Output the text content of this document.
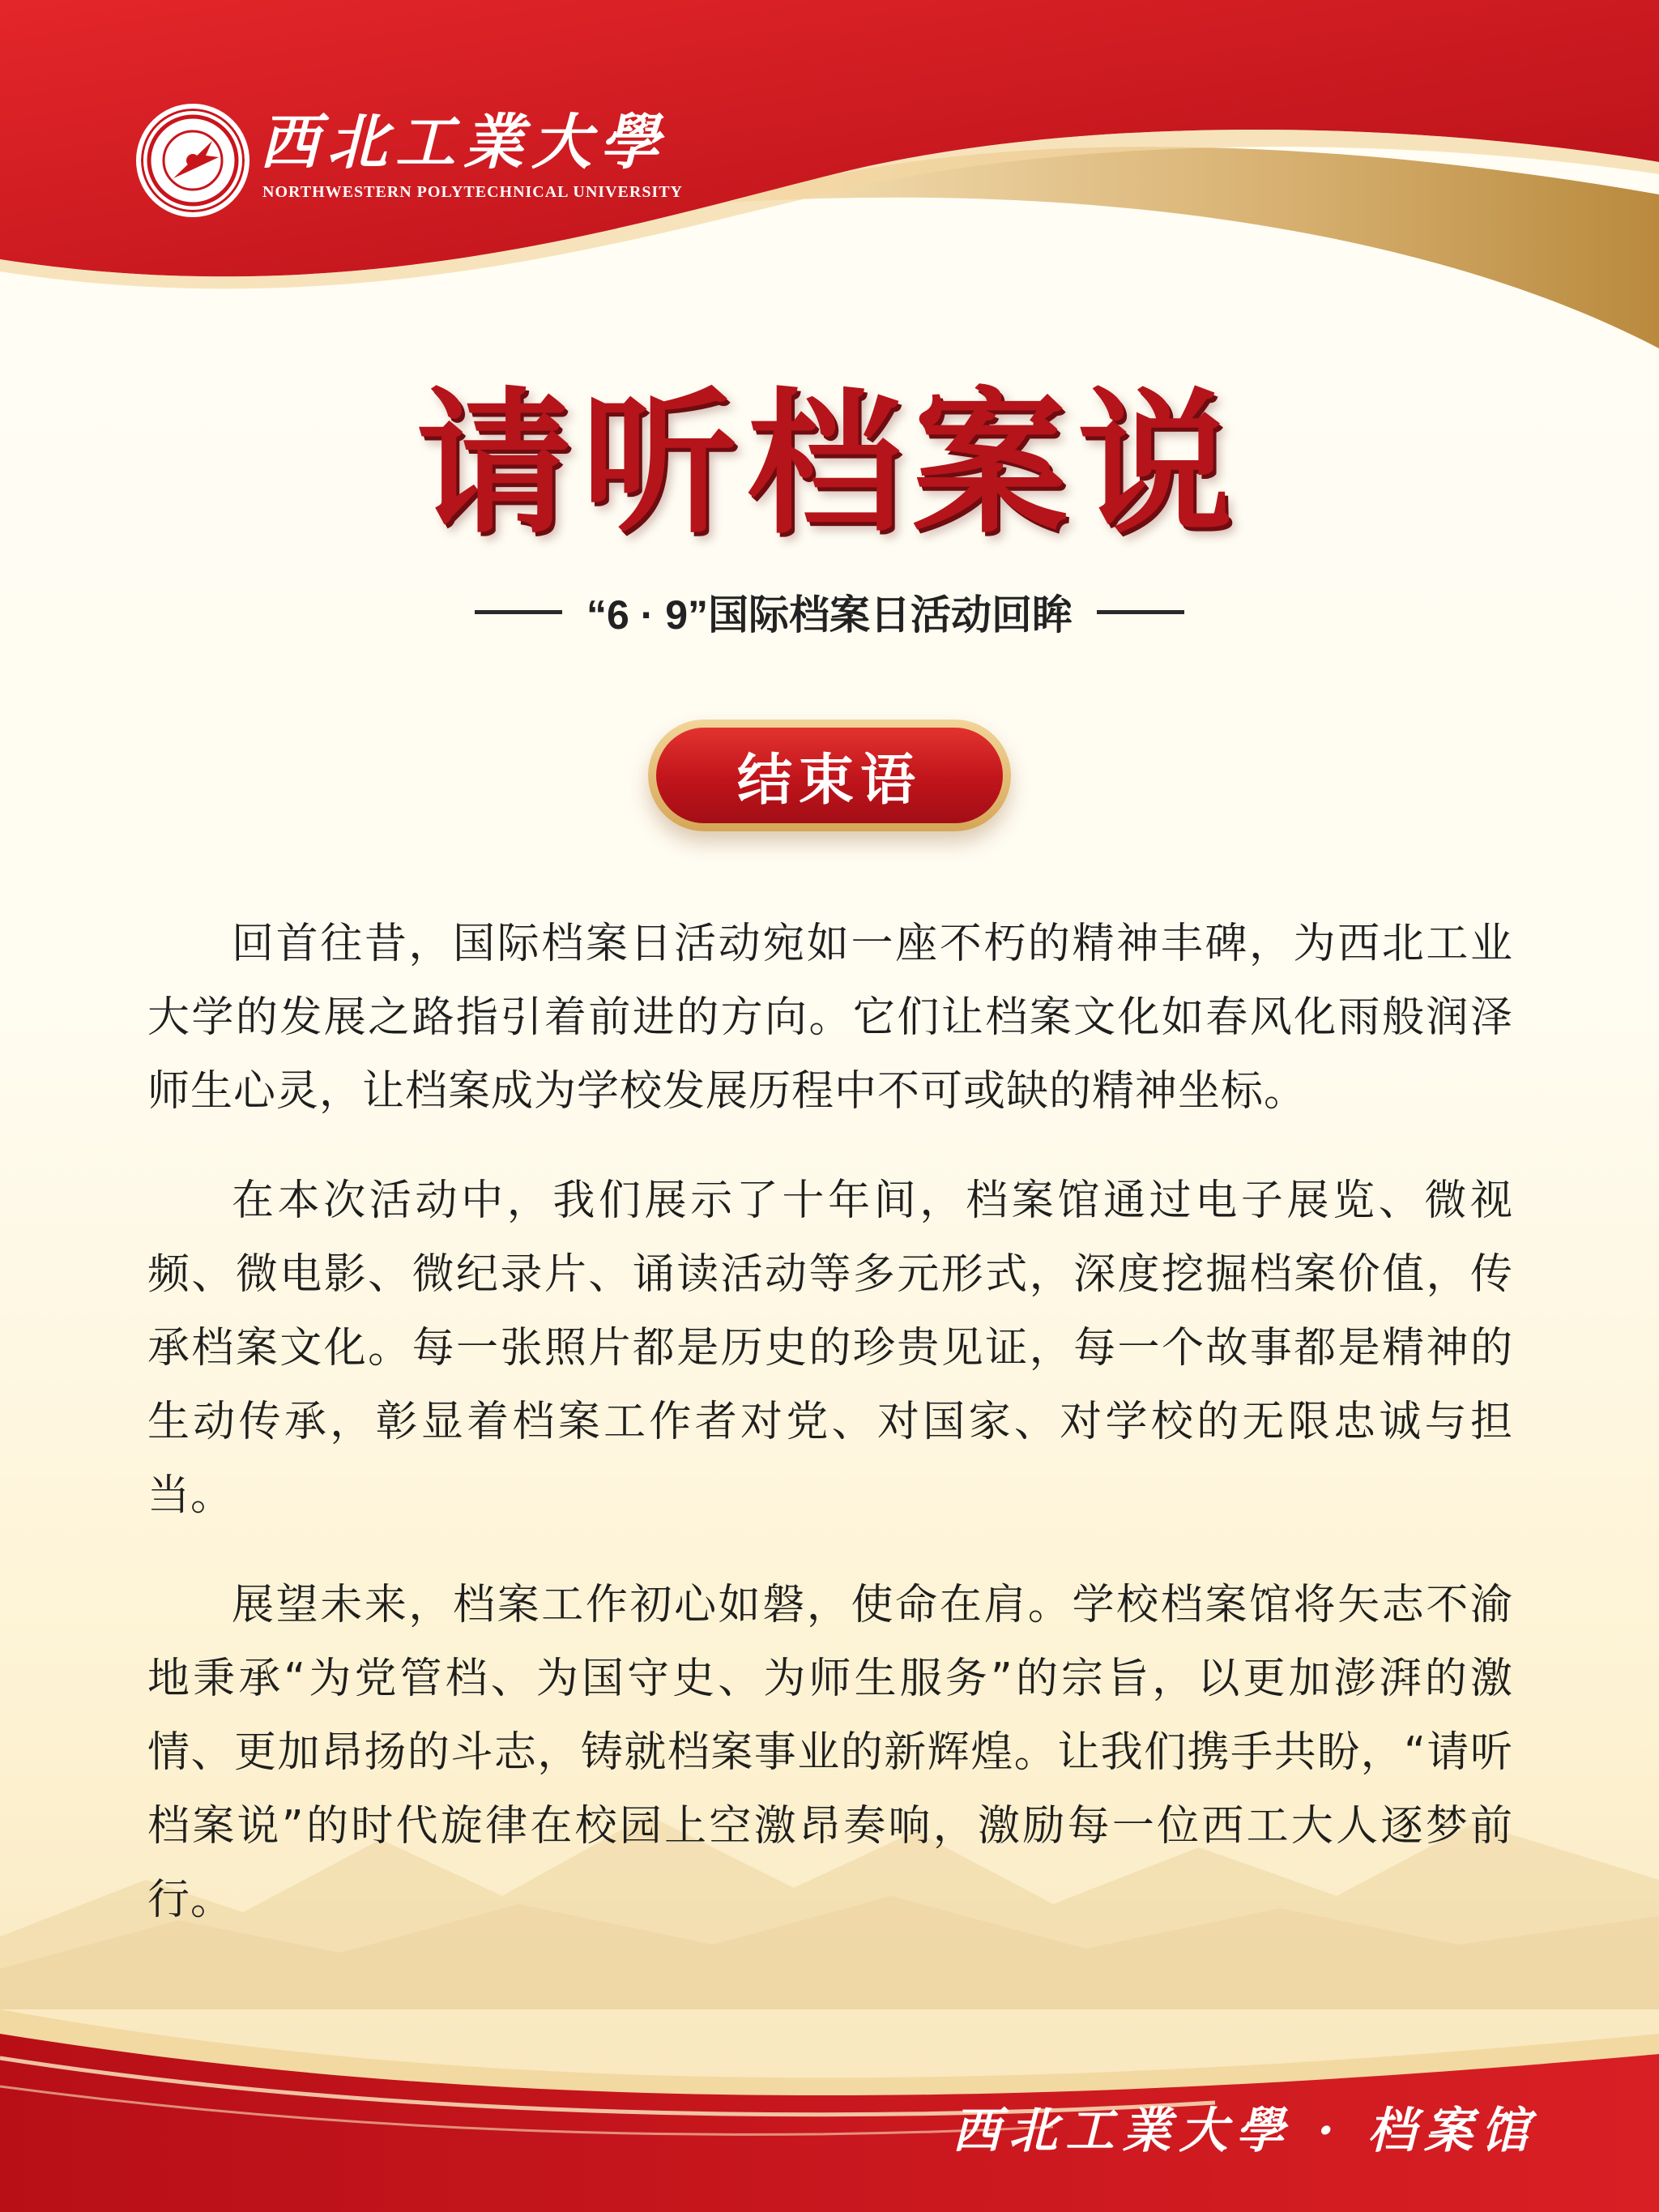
西北工業大學
NORTHWESTERN POLYTECHNICAL UNIVERSITY
请听档案说
“6 · 9”国际档案日活动回眸
结束语

回首往昔，国际档案日活动宛如一座不朽的精神丰碑，为西北工业大学的发展之路指引着前进的方向。它们让档案文化如春风化雨般润泽师生心灵，让档案成为学校发展历程中不可或缺的精神坐标。

在本次活动中，我们展示了十年间，档案馆通过电子展览、微视频、微电影、微纪录片、诵读活动等多元形式，深度挖掘档案价值，传承档案文化。每一张照片都是历史的珍贵见证，每一个故事都是精神的生动传承，彰显着档案工作者对党、对国家、对学校的无限忠诚与担当。

展望未来，档案工作初心如磐，使命在肩。学校档案馆将矢志不渝地秉承“为党管档、为国守史、为师生服务”的宗旨，以更加澎湃的激情、更加昂扬的斗志，铸就档案事业的新辉煌。让我们携手共盼，“请听档案说”的时代旋律在校园上空激昂奏响，激励每一位西工大人逐梦前行。

西北工業大學 · 档案馆
